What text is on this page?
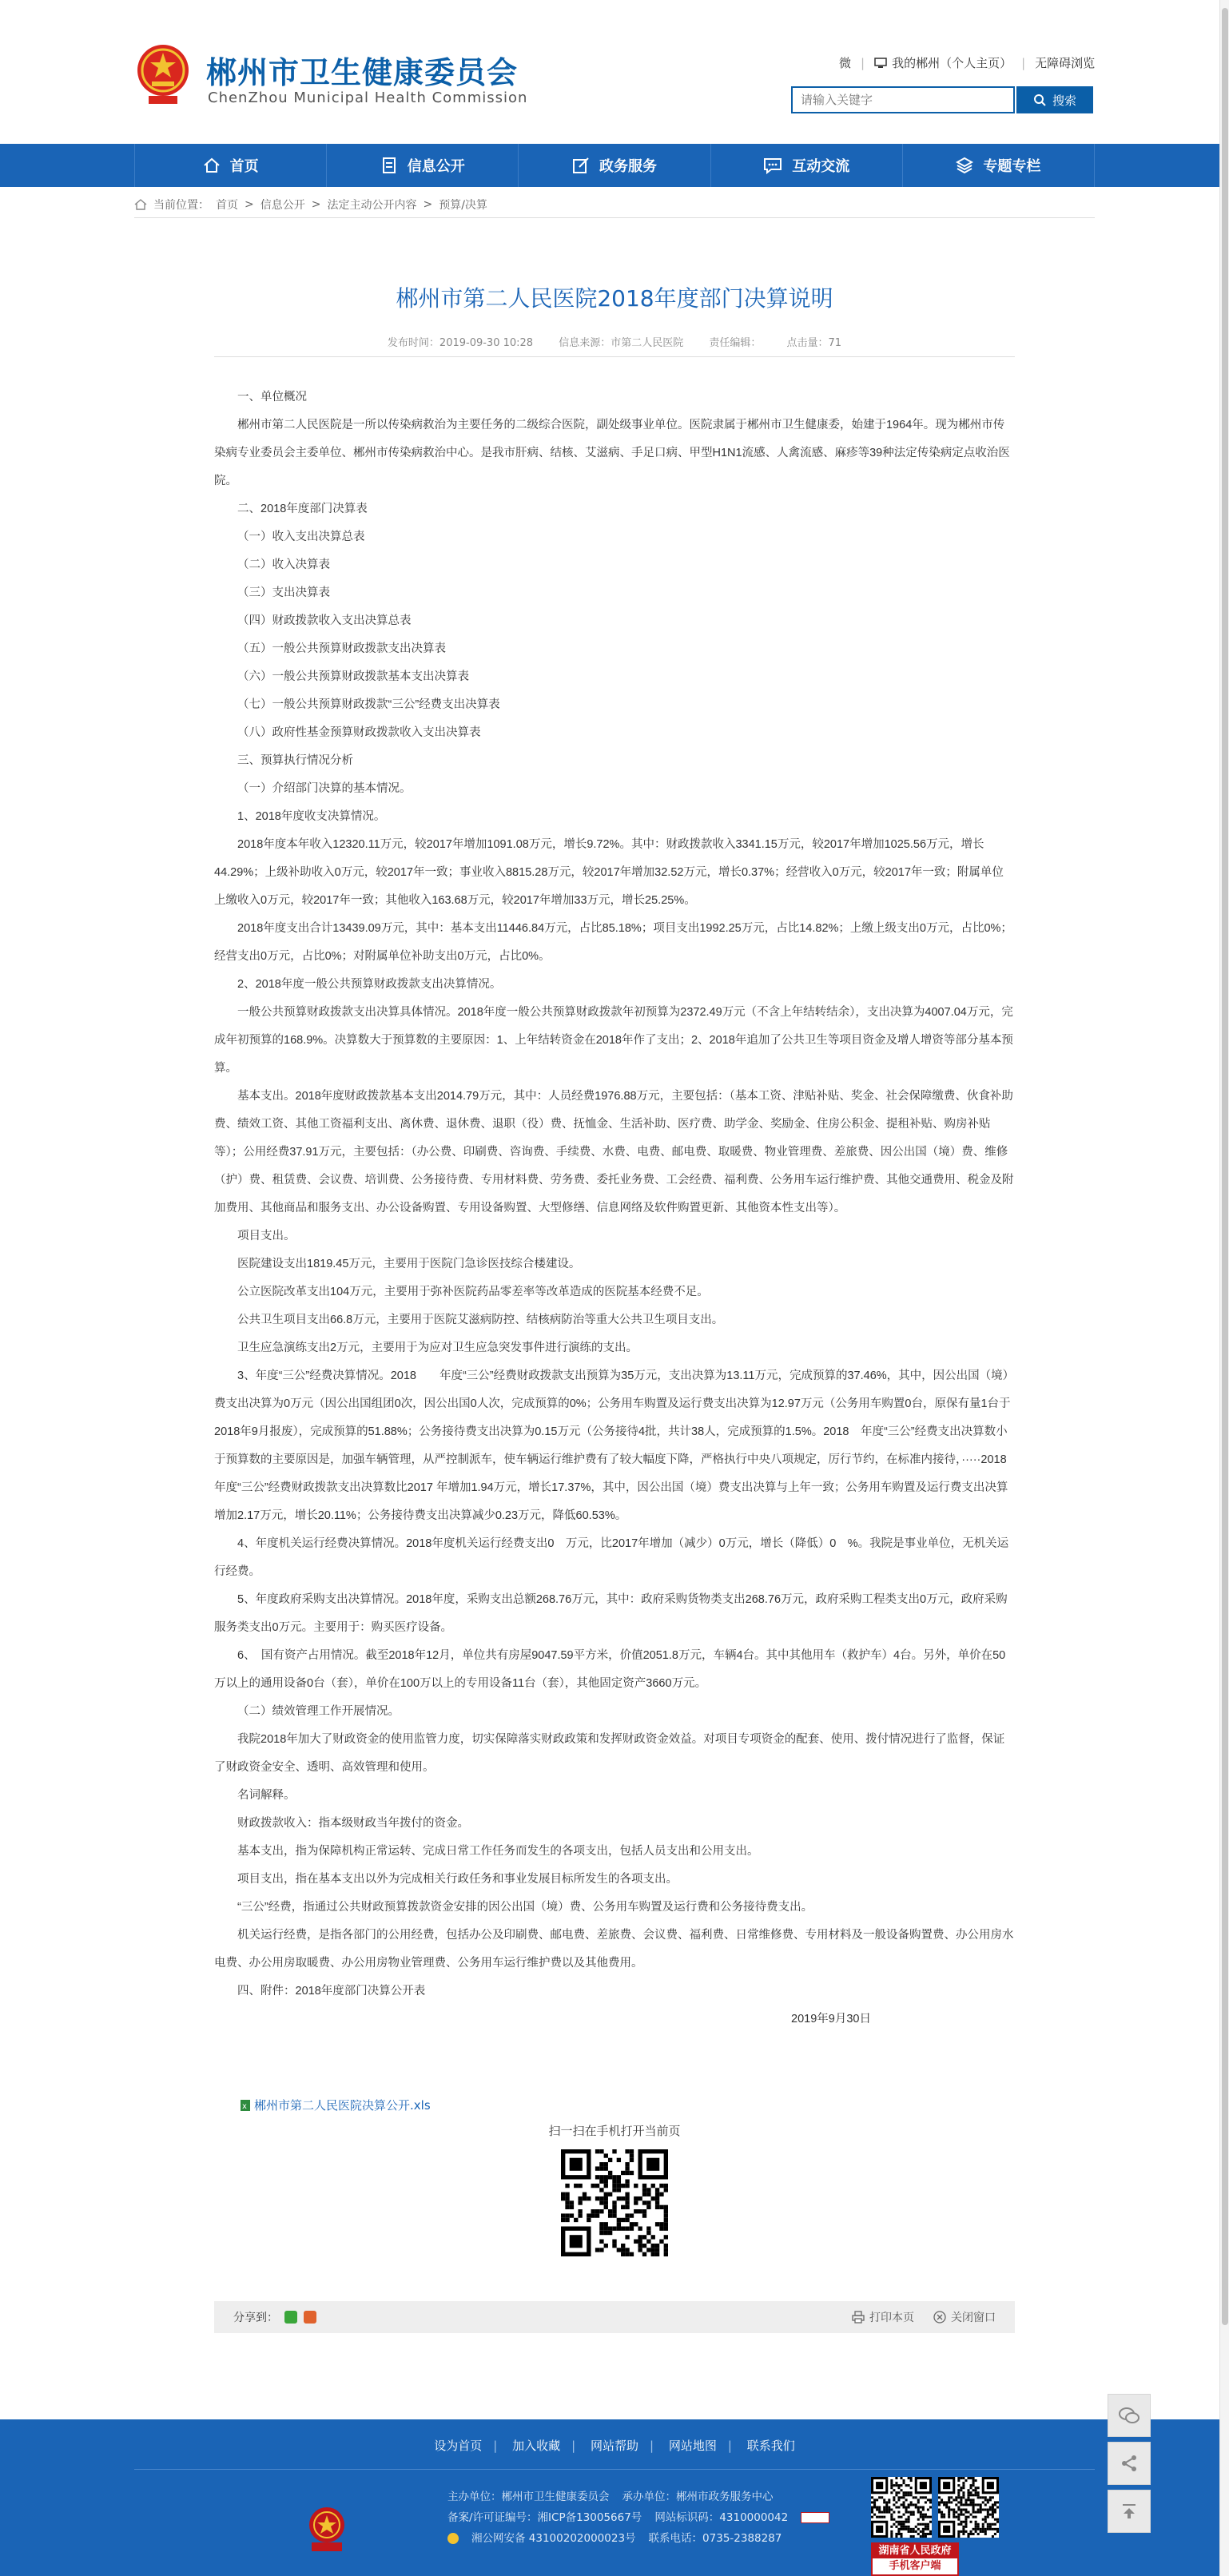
郴州市卫生健康委员会
ChenZhou Municipal Health Commission
微 | 我的郴州（个人主页） | 无障碍浏览
请输入关键字
搜索
首页	信息公开	政务服务	互动交流	专题专栏
当前位置： 首页 > 信息公开 > 法定主动公开内容 > 预算/决算
郴州市第二人民医院2018年度部门决算说明
发布时间：2019-09-30 10:28 信息来源：市第二人民医院 责任编辑： 点击量：71

一、单位概况

郴州市第二人民医院是一所以传染病救治为主要任务的二级综合医院，副处级事业单位。医院隶属于郴州市卫生健康委，始建于1964年。现为郴州市传染病专业委员会主委单位、郴州市传染病救治中心。是我市肝病、结核、艾滋病、手足口病、甲型H1N1流感、人禽流感、麻疹等39种法定传染病定点收治医院。

二、2018年度部门决算表

（一）收入支出决算总表

（二）收入决算表

（三）支出决算表

（四）财政拨款收入支出决算总表

（五）一般公共预算财政拨款支出决算表

（六）一般公共预算财政拨款基本支出决算表

（七）一般公共预算财政拨款“三公”经费支出决算表

（八）政府性基金预算财政拨款收入支出决算表

三、预算执行情况分析

（一）介绍部门决算的基本情况。

1、2018年度收支决算情况。

2018年度本年收入12320.11万元，较2017年增加1091.08万元，增长9.72%。其中：财政拨款收入3341.15万元，较2017年增加1025.56万元，增长44.29%；上级补助收入0万元，较2017年一致；事业收入8815.28万元，较2017年增加32.52万元，增长0.37%；经营收入0万元，较2017年一致；附属单位上缴收入0万元，较2017年一致；其他收入163.68万元，较2017年增加33万元，增长25.25%。

2018年度支出合计13439.09万元，其中：基本支出11446.84万元，占比85.18%；项目支出1992.25万元，占比14.82%；上缴上级支出0万元，占比0%；经营支出0万元，占比0%；对附属单位补助支出0万元，占比0%。

2、2018年度一般公共预算财政拨款支出决算情况。

一般公共预算财政拨款支出决算具体情况。2018年度一般公共预算财政拨款年初预算为2372.49万元（不含上年结转结余），支出决算为4007.04万元，完成年初预算的168.9%。决算数大于预算数的主要原因：1、上年结转资金在2018年作了支出；2、2018年追加了公共卫生等项目资金及增人增资等部分基本预算。

基本支出。2018年度财政拨款基本支出2014.79万元，其中：人员经费1976.88万元，主要包括：（基本工资、津贴补贴、奖金、社会保障缴费、伙食补助费、绩效工资、其他工资福利支出、离休费、退休费、退职（役）费、抚恤金、生活补助、医疗费、助学金、奖励金、住房公积金、提租补贴、购房补贴等）；公用经费37.91万元，主要包括：（办公费、印刷费、咨询费、手续费、水费、电费、邮电费、取暖费、物业管理费、差旅费、因公出国（境）费、维修（护）费、租赁费、会议费、培训费、公务接待费、专用材料费、劳务费、委托业务费、工会经费、福利费、公务用车运行维护费、其他交通费用、税金及附加费用、其他商品和服务支出、办公设备购置、专用设备购置、大型修缮、信息网络及软件购置更新、其他资本性支出等）。

项目支出。

医院建设支出1819.45万元，主要用于医院门急诊医技综合楼建设。

公立医院改革支出104万元，主要用于弥补医院药品零差率等改革造成的医院基本经费不足。

公共卫生项目支出66.8万元，主要用于医院艾滋病防控、结核病防治等重大公共卫生项目支出。

卫生应急演练支出2万元，主要用于为应对卫生应急突发事件进行演练的支出。

3、年度“三公”经费决算情况。2018　　年度“三公”经费财政拨款支出预算为35万元，支出决算为13.11万元，完成预算的37.46%，其中，因公出国（境）费支出决算为0万元（因公出国组团0次，因公出国0人次，完成预算的0%；公务用车购置及运行费支出决算为12.97万元（公务用车购置0台，原保有量1台于2018年9月报废），完成预算的51.88%；公务接待费支出决算为0.15万元（公务接待4批，共计38人，完成预算的1.5%。2018　年度“三公”经费支出决算数小于预算数的主要原因是，加强车辆管理，从严控制派车，使车辆运行维护费有了较大幅度下降，严格执行中央八项规定，厉行节约，在标准内接待，·····2018 年度“三公”经费财政拨款支出决算数比2017 年增加1.94万元，增长17.37%，其中，因公出国（境）费支出决算与上年一致；公务用车购置及运行费支出决算增加2.17万元，增长20.11%；公务接待费支出决算减少0.23万元，降低60.53%。

4、年度机关运行经费决算情况。2018年度机关运行经费支出0　万元，比2017年增加（减少）0万元，增长（降低）0　%。我院是事业单位，无机关运行经费。

5、年度政府采购支出决算情况。2018年度，采购支出总额268.76万元，其中：政府采购货物类支出268.76万元，政府采购工程类支出0万元，政府采购服务类支出0万元。主要用于：购买医疗设备。

6、　国有资产占用情况。截至2018年12月，单位共有房屋9047.59平方米，价值2051.8万元，车辆4台。其中其他用车（救护车）4台。另外，单价在50万以上的通用设备0台（套），单价在100万以上的专用设备11台（套），其他固定资产3660万元。

（二）绩效管理工作开展情况。

我院2018年加大了财政资金的使用监管力度，切实保障落实财政政策和发挥财政资金效益。对项目专项资金的配套、使用、拨付情况进行了监督，保证了财政资金安全、透明、高效管理和使用。

名词解释。

财政拨款收入：指本级财政当年拨付的资金。

基本支出，指为保障机构正常运转、完成日常工作任务而发生的各项支出，包括人员支出和公用支出。

项目支出，指在基本支出以外为完成相关行政任务和事业发展目标所发生的各项支出。

“三公”经费，指通过公共财政预算拨款资金安排的因公出国（境）费、公务用车购置及运行费和公务接待费支出。

机关运行经费，是指各部门的公用经费，包括办公及印刷费、邮电费、差旅费、会议费、福利费、日常维修费、专用材料及一般设备购置费、办公用房水电费、办公用房取暖费、办公用房物业管理费、公务用车运行维护费以及其他费用。

四、附件：2018年度部门决算公开表

2019年9月30日

x 郴州市第二人民医院决算公开.xls
扫一扫在手机打开当前页
分享到：	打印本页	关闭窗口
设为首页 | 加入收藏 | 网站帮助 | 网站地图 | 联系我们
主办单位：郴州市卫生健康委员会 承办单位：郴州市政务服务中心
备案/许可证编号：湘ICP备13005667号 网站标识码：4310000042
湘公网安备 43100202000023号 联系电话：0735-2388287
湖南省人民政府
手机客户端
